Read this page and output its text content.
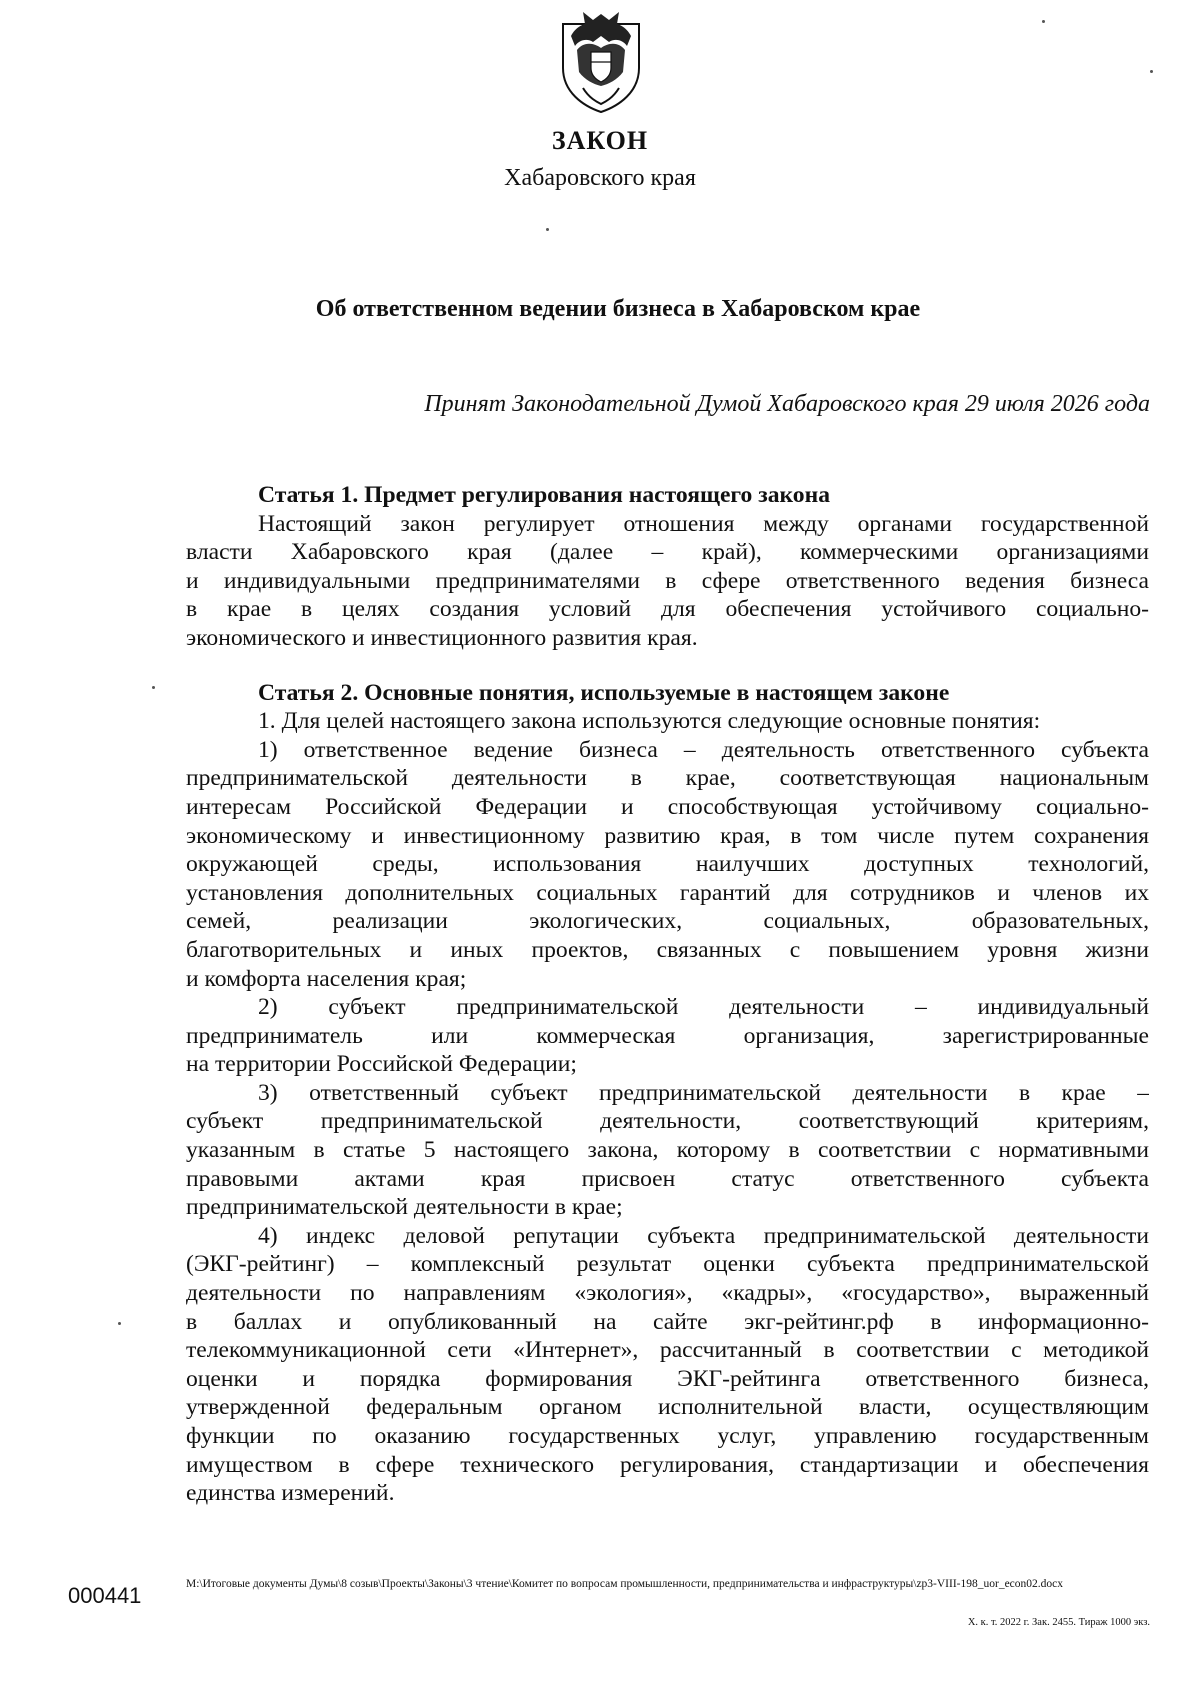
ЗАКОН
Хабаровского края
Об ответственном ведении бизнеса в Хабаровском крае
Принят Законодательной Думой Хабаровского края 29 июля 2026 года
Статья 1. Предмет регулирования настоящего закона
Настоящий закон регулирует отношения между органами государственной
власти Хабаровского края (далее – край), коммерческими организациями
и индивидуальными предпринимателями в сфере ответственного ведения бизнеса
в крае в целях создания условий для обеспечения устойчивого социально-
экономического и инвестиционного развития края.
Статья 2. Основные понятия, используемые в настоящем законе
1. Для целей настоящего закона используются следующие основные понятия:
1) ответственное ведение бизнеса – деятельность ответственного субъекта
предпринимательской деятельности в крае, соответствующая национальным
интересам Российской Федерации и способствующая устойчивому социально-
экономическому и инвестиционному развитию края, в том числе путем сохранения
окружающей среды, использования наилучших доступных технологий,
установления дополнительных социальных гарантий для сотрудников и членов их
семей, реализации экологических, социальных, образовательных,
благотворительных и иных проектов, связанных с повышением уровня жизни
и комфорта населения края;
2) субъект предпринимательской деятельности – индивидуальный
предприниматель или коммерческая организация, зарегистрированные
на территории Российской Федерации;
3) ответственный субъект предпринимательской деятельности в крае –
субъект предпринимательской деятельности, соответствующий критериям,
указанным в статье 5 настоящего закона, которому в соответствии с нормативными
правовыми актами края присвоен статус ответственного субъекта
предпринимательской деятельности в крае;
4) индекс деловой репутации субъекта предпринимательской деятельности
(ЭКГ-рейтинг) – комплексный результат оценки субъекта предпринимательской
деятельности по направлениям «экология», «кадры», «государство», выраженный
в баллах и опубликованный на сайте экг-рейтинг.рф в информационно-
телекоммуникационной сети «Интернет», рассчитанный в соответствии с методикой
оценки и порядка формирования ЭКГ-рейтинга ответственного бизнеса,
утвержденной федеральным органом исполнительной власти, осуществляющим
функции по оказанию государственных услуг, управлению государственным
имуществом в сфере технического регулирования, стандартизации и обеспечения
единства измерений.
000441	M:\Итоговые документы Думы\8 созыв\Проекты\Законы\3 чтение\Комитет по вопросам промышленности, предпринимательства и инфраструктуры\zp3-VIII-198_uor_econ02.docx
Х. к. т. 2022 г. Зак. 2455. Тираж 1000 экз.
